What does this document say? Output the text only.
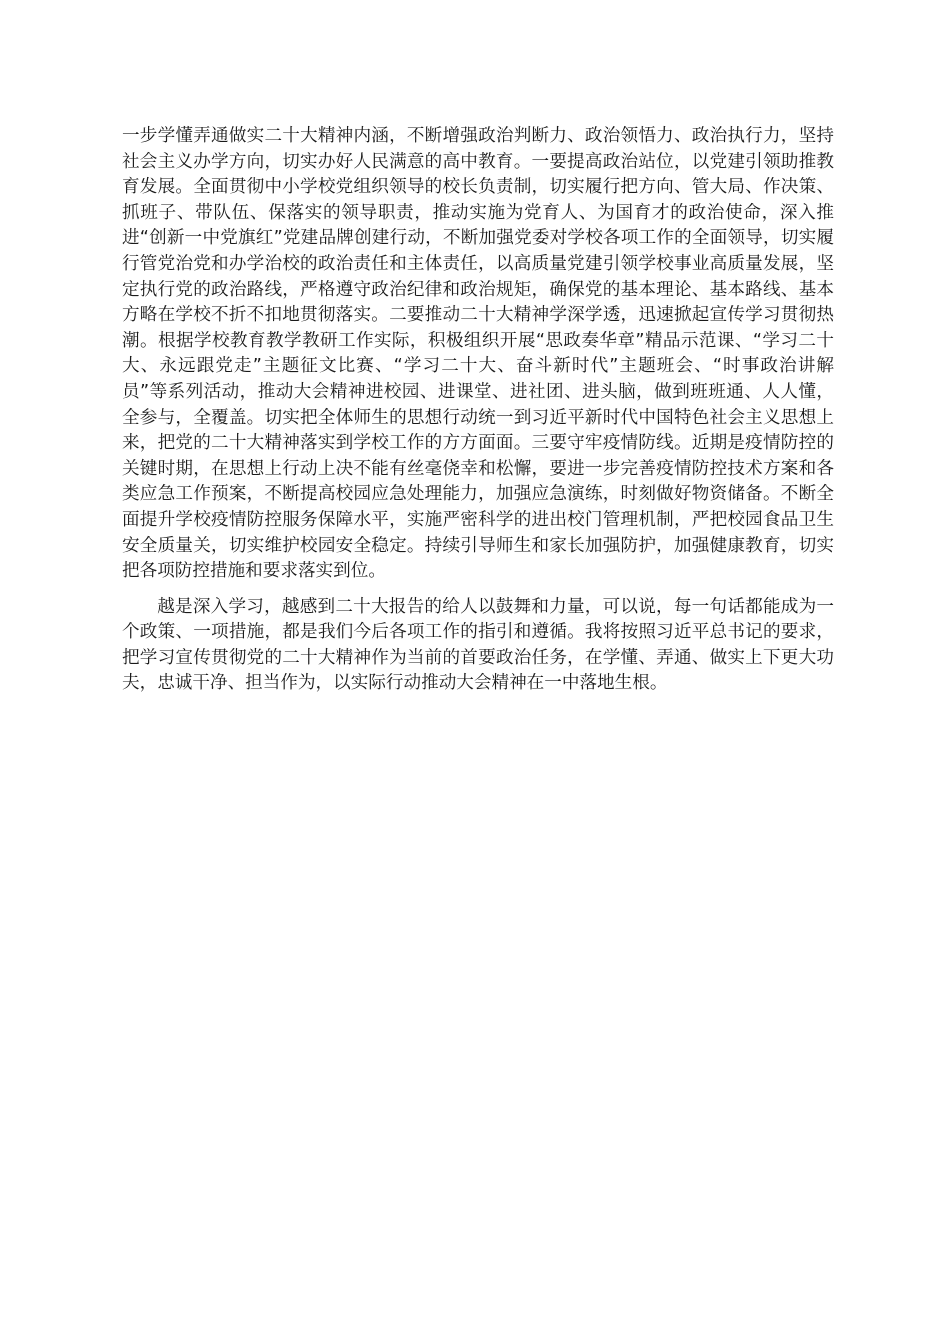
一步学懂弄通做实二十大精神内涵，不断增强政治判断力、政治领悟力、政治执行力，坚持社会主义办学方向，切实办好人民满意的高中教育。一要提高政治站位，以党建引领助推教育发展。全面贯彻中小学校党组织领导的校长负责制，切实履行把方向、管大局、作决策、抓班子、带队伍、保落实的领导职责，推动实施为党育人、为国育才的政治使命，深入推进“创新一中党旗红”党建品牌创建行动，不断加强党委对学校各项工作的全面领导，切实履行管党治党和办学治校的政治责任和主体责任，以高质量党建引领学校事业高质量发展，坚定执行党的政治路线，严格遵守政治纪律和政治规矩，确保党的基本理论、基本路线、基本方略在学校不折不扣地贯彻落实。二要推动二十大精神学深学透，迅速掀起宣传学习贯彻热潮。根据学校教育教学教研工作实际，积极组织开展“思政奏华章”精品示范课、“学习二十大、永远跟党走”主题征文比赛、“学习二十大、奋斗新时代”主题班会、“时事政治讲解员”等系列活动，推动大会精神进校园、进课堂、进社团、进头脑，做到班班通、人人懂，全参与，全覆盖。切实把全体师生的思想行动统一到习近平新时代中国特色社会主义思想上来，把党的二十大精神落实到学校工作的方方面面。三要守牢疫情防线。近期是疫情防控的关键时期，在思想上行动上决不能有丝毫侥幸和松懈，要进一步完善疫情防控技术方案和各类应急工作预案，不断提高校园应急处理能力，加强应急演练，时刻做好物资储备。不断全面提升学校疫情防控服务保障水平，实施严密科学的进出校门管理机制，严把校园食品卫生安全质量关，切实维护校园安全稳定。持续引导师生和家长加强防护，加强健康教育，切实把各项防控措施和要求落实到位。

越是深入学习，越感到二十大报告的给人以鼓舞和力量，可以说，每一句话都能成为一个政策、一项措施，都是我们今后各项工作的指引和遵循。我将按照习近平总书记的要求，把学习宣传贯彻党的二十大精神作为当前的首要政治任务，在学懂、弄通、做实上下更大功夫，忠诚干净、担当作为，以实际行动推动大会精神在一中落地生根。
